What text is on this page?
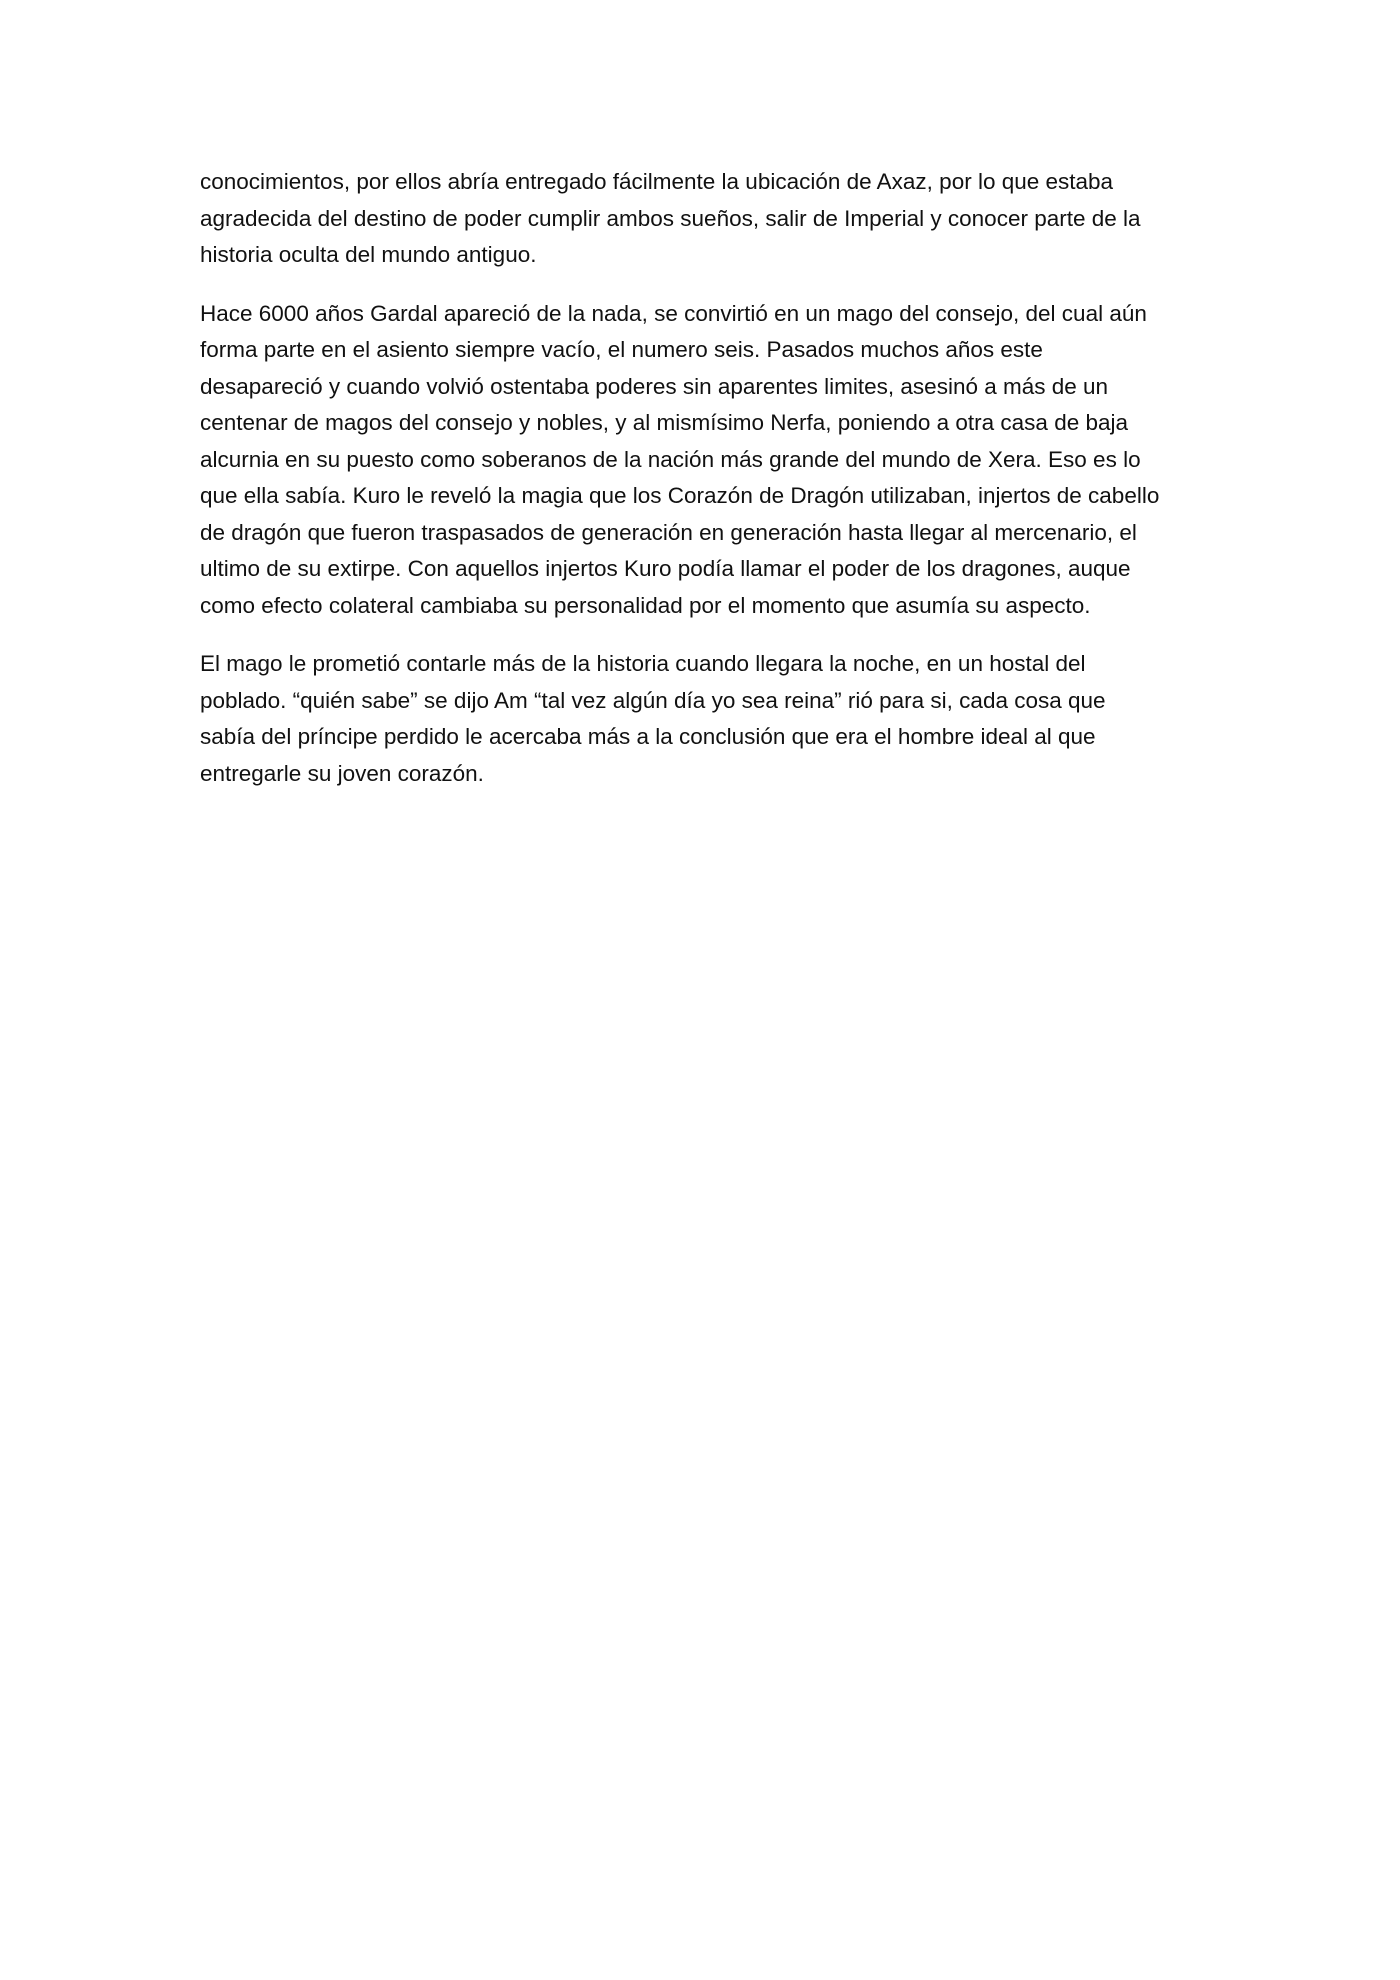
conocimientos, por ellos abría entregado fácilmente la ubicación de Axaz, por lo que estaba
agradecida del destino de poder cumplir ambos sueños, salir de Imperial y conocer parte de la
historia oculta del mundo antiguo.

Hace 6000 años Gardal apareció de la nada, se convirtió en un mago del consejo, del cual aún
forma parte en el asiento siempre vacío, el numero seis. Pasados muchos años este
desapareció y cuando volvió ostentaba poderes sin aparentes limites, asesinó a más de un
centenar de magos del consejo y nobles, y al mismísimo Nerfa, poniendo a otra casa de baja
alcurnia en su puesto como soberanos de la nación más grande del mundo de Xera. Eso es lo
que ella sabía. Kuro le reveló la magia que los Corazón de Dragón utilizaban, injertos de cabello
de dragón que fueron traspasados de generación en generación hasta llegar al mercenario, el
ultimo de su extirpe. Con aquellos injertos Kuro podía llamar el poder de los dragones, auque
como efecto colateral cambiaba su personalidad por el momento que asumía su aspecto.

El mago le prometió contarle más de la historia cuando llegara la noche, en un hostal del
poblado. “quién sabe” se dijo Am “tal vez algún día yo sea reina” rió para si, cada cosa que
sabía del príncipe perdido le acercaba más a la conclusión que era el hombre ideal al que
entregarle su joven corazón.
